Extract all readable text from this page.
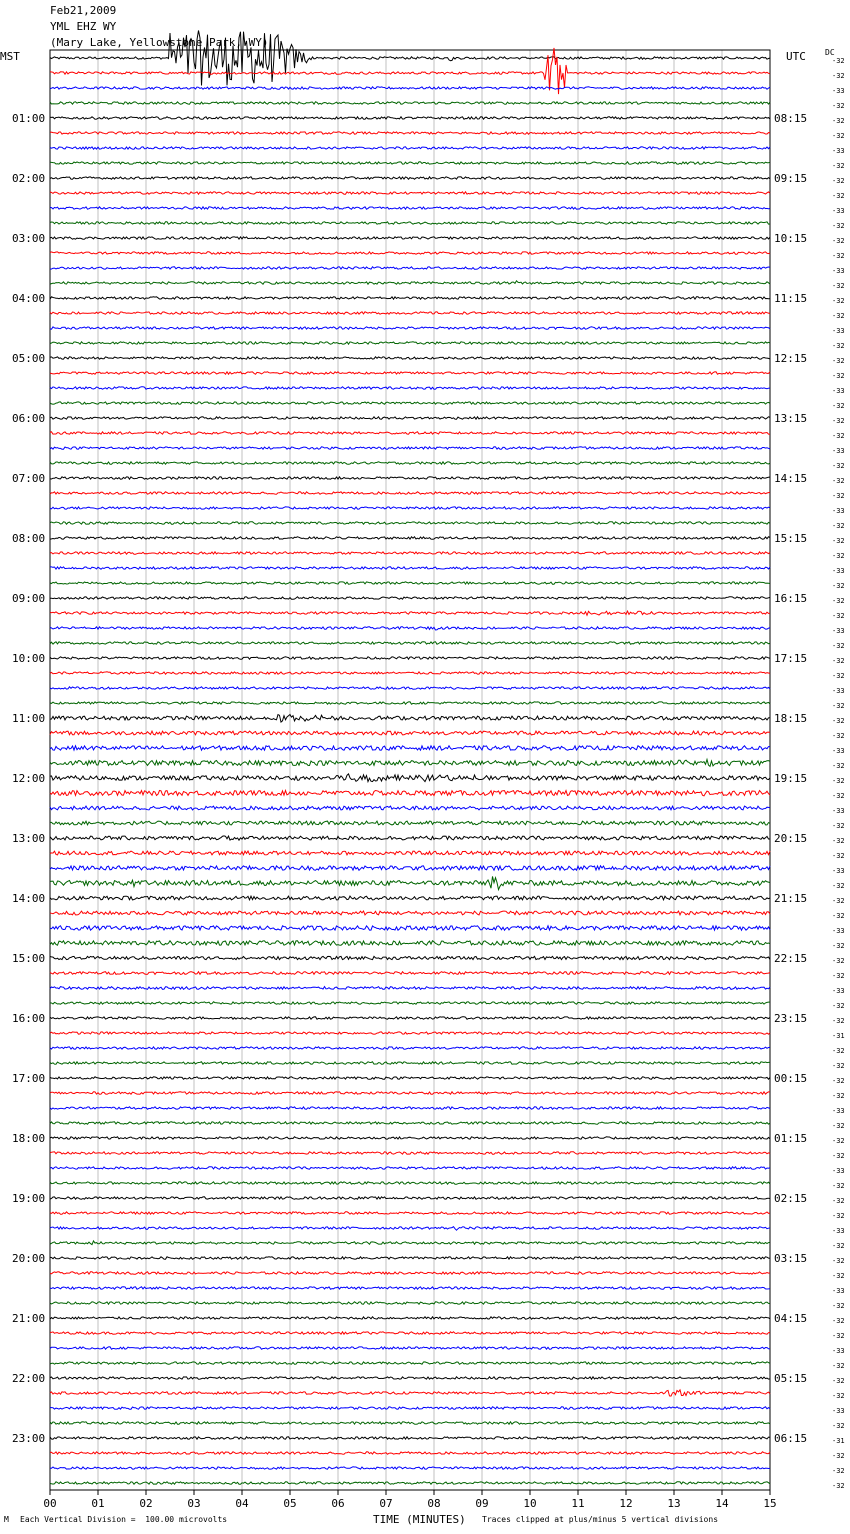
00	01	02	03	04	05	06	07	08	09	10	11	12	13	14	15
01:00
02:00
03:00
04:00
05:00
06:00
07:00
08:00
09:00
10:00
11:00
12:00
13:00
14:00
15:00
16:00
17:00
18:00
19:00
20:00
21:00
22:00
23:00
08:15
09:15
10:15
11:15
12:15
13:15
14:15
15:15
16:15
17:15
18:15
19:15
20:15
21:15
22:15
23:15
00:15
01:15
02:15
03:15
04:15
05:15
06:15
-32
-32
-33
-32
-32
-32
-33
-32
-32
-32
-33
-32
-32
-32
-33
-32
-32
-32
-33
-32
-32
-32
-33
-32
-32
-32
-33
-32
-32
-32
-33
-32
-32
-32
-33
-32
-32
-32
-33
-32
-32
-32
-33
-32
-32
-32
-33
-32
-32
-32
-33
-32
-32
-32
-33
-32
-32
-32
-33
-32
-32
-32
-33
-32
-32
-31
-32
-32
-32
-32
-33
-32
-32
-32
-33
-32
-32
-32
-33
-32
-32
-32
-33
-32
-32
-32
-33
-32
-32
-32
-33
-32
-31
-32
-32
-32
Feb21,2009
YML EHZ WY
(Mary Lake, Yellowstone Park, WY)
MST	UTC DC
TIME (MINUTES)
M Each Vertical Division =  100.00 microvolts	Traces clipped at plus/minus 5 vertical divisions
